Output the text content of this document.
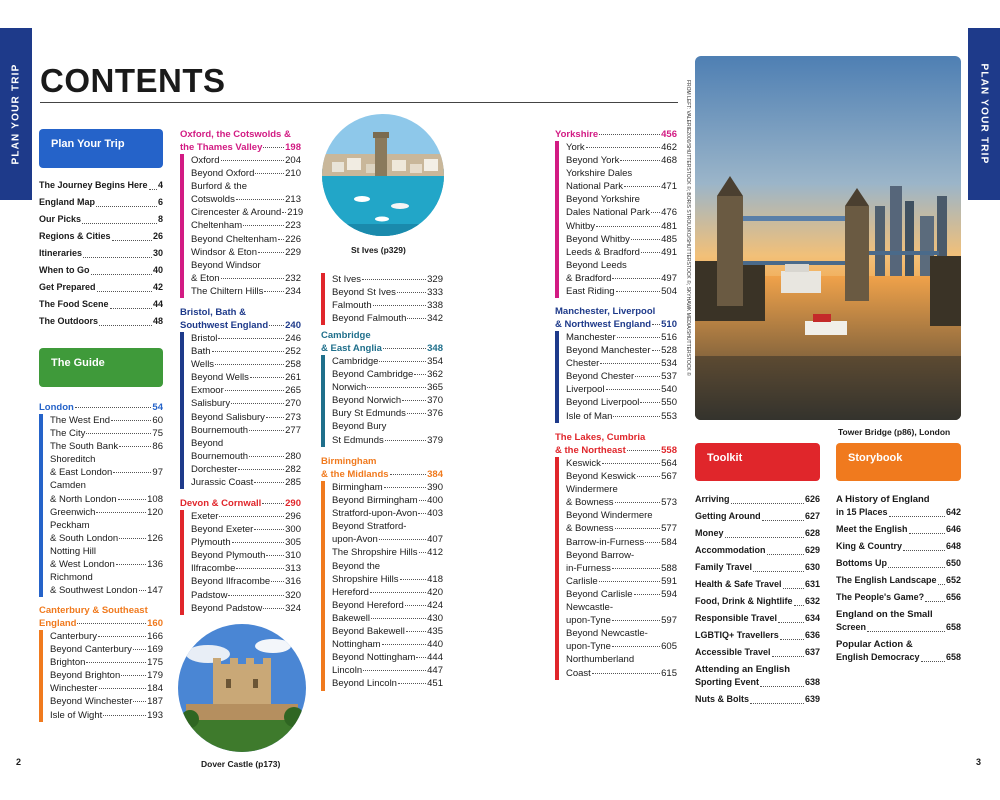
PLAN YOUR TRIP	PLAN YOUR TRIP
CONTENTS
Plan Your Trip
The Journey Begins Here 4
England Map	6
Our Picks	8
Regions & Cities	26
Itineraries	30
When to Go	40
Get Prepared	42
The Food Scene	44
The Outdoors	48
The Guide
London	54
The West End	60
The City	75
The South Bank	86
Shoreditch
& East London	97
Camden
& North London	108
Greenwich	120
Peckham
& South London	126
Notting Hill
& West London	136
Richmond
& Southwest London 147
Canterbury & Southeast
England	160
Canterbury	166
Beyond Canterbury 169
Brighton	175
Beyond Brighton	179
Winchester	184
Beyond Winchester 187
Isle of Wight	193
Oxford, the Cotswolds &
the Thames Valley 198
Oxford	204
Beyond Oxford	210
Burford & the
Cotswolds	213
Cirencester & Around 219
Cheltenham	223
Beyond Cheltenham 226
Windsor & Eton	229
Beyond Windsor
& Eton	232
The Chiltern Hills 234
Bristol, Bath &
Southwest England 240
Bristol	246
Bath	252
Wells	258
Beyond Wells	261
Exmoor	265
Salisbury	270
Beyond Salisbury 273
Bournemouth	277
Beyond
Bournemouth	280
Dorchester	282
Jurassic Coast	285
Devon & Cornwall	290
Exeter	296
Beyond Exeter	300
Plymouth	305
Beyond Plymouth 310
Ilfracombe	313
Beyond Ilfracombe 316
Padstow	320
Beyond Padstow 324
St Ives (p329)
St Ives	329
Beyond St Ives	333
Falmouth	338
Beyond Falmouth 342
Cambridge
& East Anglia	348
Cambridge	354
Beyond Cambridge 362
Norwich	365
Beyond Norwich	370
Bury St Edmunds 376
Beyond Bury
St Edmunds	379
Birmingham
& the Midlands	384
Birmingham	390
Beyond Birmingham 400
Stratford-upon-Avon 403
Beyond Stratford-
upon-Avon	407
The Shropshire Hills 412
Beyond the
Shropshire Hills	418
Hereford	420
Beyond Hereford 424
Bakewell	430
Beyond Bakewell 435
Nottingham	440
Beyond Nottingham 444
Lincoln	447
Beyond Lincoln	451
Dover Castle (p173)
Yorkshire	456
York	462
Beyond York	468
Yorkshire Dales
National Park	471
Beyond Yorkshire
Dales National Park 476
Whitby	481
Beyond Whitby	485
Leeds & Bradford 491
Beyond Leeds
& Bradford	497
East Riding	504
Manchester, Liverpool
& Northwest England 510
Manchester	516
Beyond Manchester 528
Chester	534
Beyond Chester	537
Liverpool	540
Beyond Liverpool 550
Isle of Man	553
The Lakes, Cumbria
& the Northeast	558
Keswick	564
Beyond Keswick	567
Windermere
& Bowness	573
Beyond Windermere
& Bowness	577
Barrow-in-Furness 584
Beyond Barrow-
in-Furness	588
Carlisle	591
Beyond Carlisle	594
Newcastle-
upon-Tyne	597
Beyond Newcastle-
upon-Tyne	605
Northumberland
Coast	615
FROM LEFT: VALERIE2000/SHUTTERSTOCK ©; BORIS STROUJKO/SHUTTERSTOCK ©; SKYHAWK MEDIA/SHUTTERSTOCK ©
Tower Bridge (p86), London
Toolkit
Arriving	626
Getting Around	627
Money	628
Accommodation	629
Family Travel	630
Health & Safe Travel	631
Food, Drink & Nightlife 632
Responsible Travel	634
LGBTIQ+ Travellers	636
Accessible Travel	637
Attending an English
Sporting Event	638
Nuts & Bolts	639
Storybook
A History of England
in 15 Places	642
Meet the English	646
King & Country	648
Bottoms Up	650
The English Landscape 652
The People's Game? 656
England on the Small
Screen	658
Popular Action &
English Democracy	658
2	3
